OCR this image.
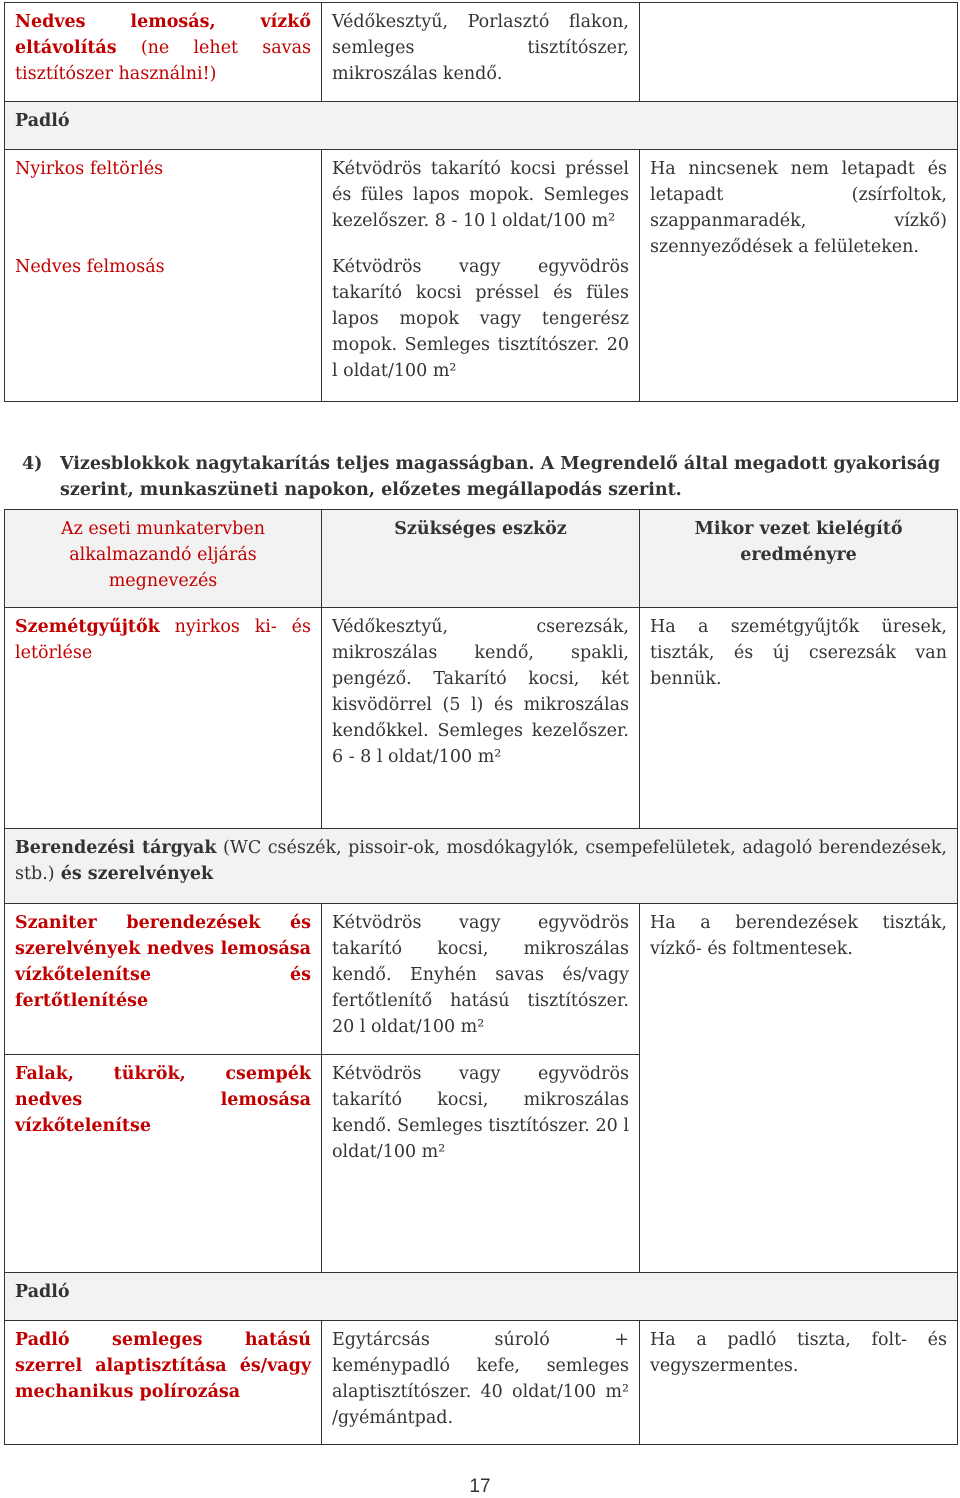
Nedves lemosás, vízkő eltávolítás (ne lehet savas tisztítószer használni!)	Védőkesztyű, Porlasztó flakon, semleges tisztítószer, mikroszálas kendő.	
Padló		
Nyirkos feltörlés	Kétvödrös takarító kocsi préssel és füles lapos mopok. Semleges kezelőszer. 8 - 10 l oldat/100 m²	Ha nincsenek nem letapadt és letapadt (zsírfoltok, szappanmaradék, vízkő) szennyeződések a felületeken.
Nedves felmosás	Kétvödrös vagy egyvödrös takarító kocsi préssel és füles lapos mopok vagy tengerész mopok. Semleges tisztítószer. 20 l oldat/100 m²	
4) Vizesblokkok nagytakarítás teljes magasságban. A Megrendelő által megadott gyakoriság
szerint, munkaszüneti napokon, előzetes megállapodás szerint.
Az eseti munkatervben alkalmazandó eljárás megnevezés	Szükséges eszköz	Mikor vezet kielégítő eredményre
Szemétgyűjtők nyirkos ki- és letörlése	Védőkesztyű, cserezsák, mikroszálas kendő, spakli, pengéző. Takarító kocsi, két kisvödörrel (5 l) és mikroszálas kendőkkel. Semleges kezelőszer. 6 - 8 l oldat/100 m²	Ha a szemétgyűjtők üresek, tiszták, és új cserezsák van bennük.
Berendezési tárgyak (WC csészék, pissoir-ok, mosdókagylók, csempefelületek, adagoló berendezések, stb.) és szerelvények		
Szaniter berendezések és szerelvények nedves lemosása vízkőtelenítse és fertőtlenítése	Kétvödrös vagy egyvödrös takarító kocsi, mikroszálas kendő. Enyhén savas és/vagy fertőtlenítő hatású tisztítószer. 20 l oldat/100 m²	Ha a berendezések tiszták, vízkő- és foltmentesek.
Falak, tükrök, csempék nedves lemosása vízkőtelenítse	Kétvödrös vagy egyvödrös takarító kocsi, mikroszálas kendő. Semleges tisztítószer. 20 l oldat/100 m²	
Padló		
Padló semleges hatású szerrel alaptisztítása és/vagy mechanikus polírozása	Egytárcsás súroló + keménypadló kefe, semleges alaptisztítószer. 40 oldat/100 m² /gyémántpad.	Ha a padló tiszta, folt- és vegyszermentes.
17
